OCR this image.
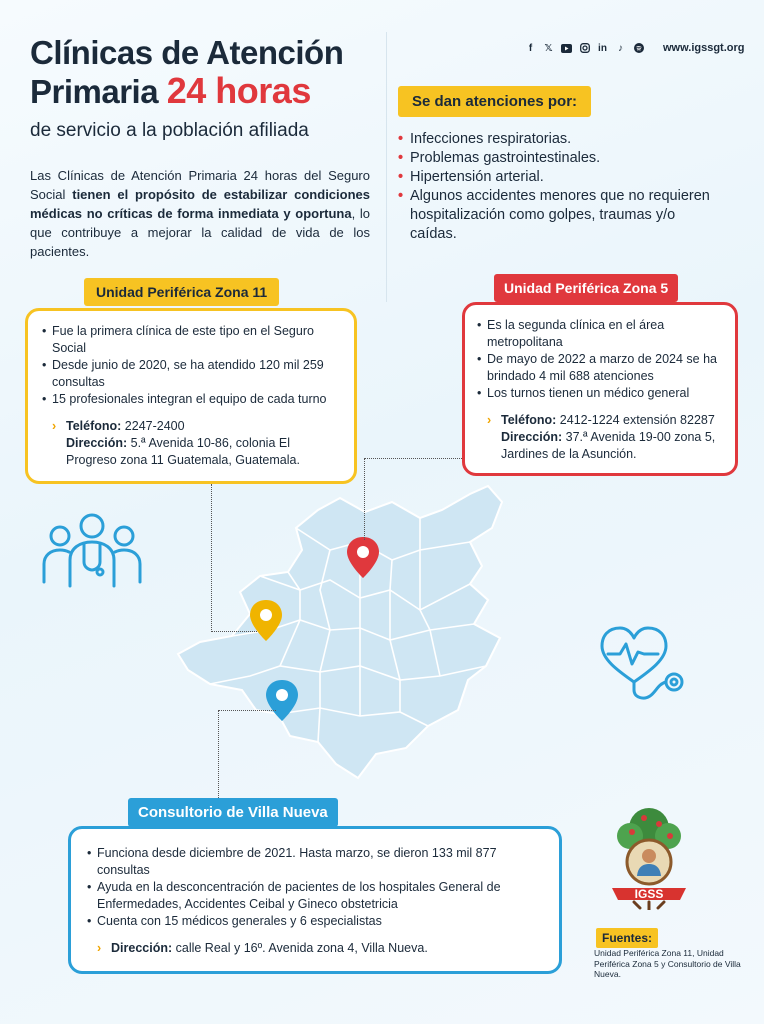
Clínicas de Atención
Primaria 24 horas
de servicio a la población afiliada
f	𝕏	in	♪	www.igssgt.org

Las Clínicas de Atención Primaria 24 horas del Seguro Social tienen el propósito de estabilizar condiciones médicas no críticas de forma inmediata y oportuna, lo que contribuye a mejorar la calidad de vida de los pacientes.

Se dan atenciones por:
• Infecciones respiratorias.
• Problemas gastrointestinales.
• Hipertensión arterial.
• Algunos accidentes menores que no requieren hospitalización como golpes, traumas y/o caídas.
Unidad Periférica Zona 11
• Fue la primera clínica de este tipo en el Seguro Social
• Desde junio de 2020, se ha atendido 120 mil 259 consultas
• 15 profesionales integran el equipo de cada turno
› Teléfono: 2247-2400
Dirección: 5.ª Avenida 10-86, colonia El Progreso zona 11 Guatemala, Guatemala.
Unidad Periférica Zona 5
• Es la segunda clínica en el área metropolitana
• De mayo de 2022 a marzo de 2024 se ha brindado 4 mil 688 atenciones
• Los turnos tienen un médico general
› Teléfono: 2412-1224 extensión 82287
Dirección: 37.ª Avenida 19-00 zona 5, Jardines de la Asunción.
Consultorio de Villa Nueva
• Funciona desde diciembre de 2021. Hasta marzo, se dieron 133 mil 877 consultas
• Ayuda en la desconcentración de pacientes de los hospitales General de Enfermedades, Accidentes Ceibal y Gineco obstetricia
• Cuenta con 15 médicos generales y 6 especialistas
› Dirección: calle Real y 16º. Avenida zona 4, Villa Nueva.
IGSS
Fuentes:
Unidad Periférica Zona 11, Unidad Periférica Zona 5 y Consultorio de Villa Nueva.
